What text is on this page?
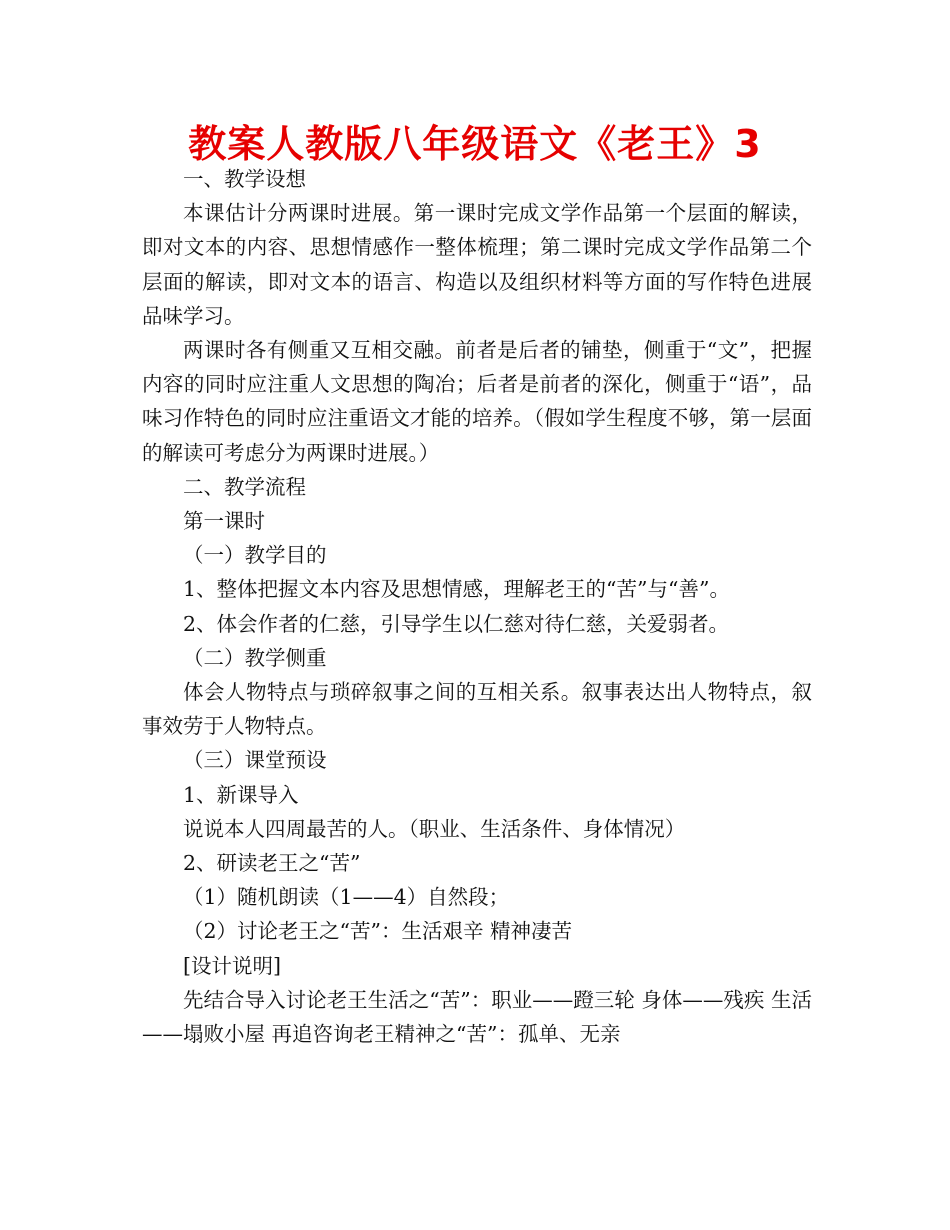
教案人教版八年级语文《老王》3

一、教学设想

本课估计分两课时进展。第一课时完成文学作品第一个层面的解读，即对文本的内容、思想情感作一整体梳理；第二课时完成文学作品第二个层面的解读，即对文本的语言、构造以及组织材料等方面的写作特色进展品味学习。

两课时各有侧重又互相交融。前者是后者的铺垫，侧重于“文”，把握内容的同时应注重人文思想的陶冶；后者是前者的深化，侧重于“语”，品味习作特色的同时应注重语文才能的培养。（假如学生程度不够，第一层面的解读可考虑分为两课时进展。）

二、教学流程

第一课时

（一）教学目的

1、整体把握文本内容及思想情感，理解老王的“苦”与“善”。

2、体会作者的仁慈，引导学生以仁慈对待仁慈，关爱弱者。

（二）教学侧重

体会人物特点与琐碎叙事之间的互相关系。叙事表达出人物特点，叙事效劳于人物特点。

（三）课堂预设

1、新课导入

说说本人四周最苦的人。（职业、生活条件、身体情况）

2、研读老王之“苦”

（1）随机朗读（1——4）自然段；

（2）讨论老王之“苦”：生活艰辛 精神凄苦

[设计说明]

先结合导入讨论老王生活之“苦”：职业——蹬三轮 身体——残疾 生活——塌败小屋 再追咨询老王精神之“苦”：孤单、无亲
